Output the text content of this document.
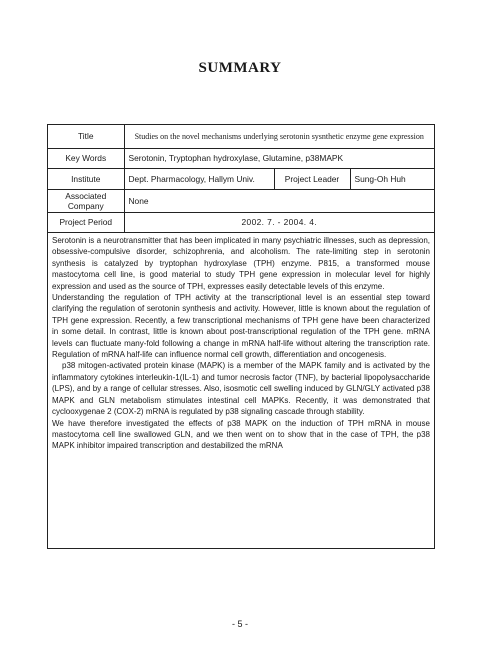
SUMMARY
Title	Studies on the novel mechanisms underlying serotonin sysnthetic enzyme gene expression		
Key Words	Serotonin, Tryptophan hydroxylase, Glutamine, p38MAPK		
Institute	Dept. Pharmacology, Hallym Univ.	Project Leader	Sung-Oh Huh
Associated Company	None		
Project Period	2002. 7. - 2004. 4.		

Serotonin is a neurotransmitter that has been implicated in many psychiatric illnesses, such as depression, obsessive-compulsive disorder, schizophrenia, and alcoholism. The rate-limiting step in serotonin synthesis is catalyzed by tryptophan hydroxylase (TPH) enzyme. P815, a transformed mouse mastocytoma cell line, is good material to study TPH gene expression in molecular level for highly expression and used as the source of TPH, expresses easily detectable levels of this enzyme.

Understanding the regulation of TPH activity at the transcriptional level is an essential step toward clarifying the regulation of serotonin synthesis and activity. However, little is known about the regulation of TPH gene expression. Recently, a few transcriptional mechanisms of TPH gene have been characterized in some detail. In contrast, little is known about post-transcriptional regulation of the TPH gene. mRNA levels can fluctuate many-fold following a change in mRNA half-life without altering the transcription rate. Regulation of mRNA half-life can influence normal cell growth, differentiation and oncogenesis.

p38 mitogen-activated protein kinase (MAPK) is a member of the MAPK family and is activated by the inflammatory cytokines interleukin-1(IL-1) and tumor necrosis factor (TNF), by bacterial lipopolysaccharide (LPS), and by a range of cellular stresses. Also, isosmotic cell swelling induced by GLN/GLY activated p38 MAPK and GLN metabolism stimulates intestinal cell MAPKs. Recently, it was demonstrated that cyclooxygenae 2 (COX-2) mRNA is regulated by p38 signaling cascade through stability.

We have therefore investigated the effects of p38 MAPK on the induction of TPH mRNA in mouse mastocytoma cell line swallowed GLN, and we then went on to show that in the case of TPH, the p38 MAPK inhibitor impaired transcription and destabilized the mRNA

- 5 -
